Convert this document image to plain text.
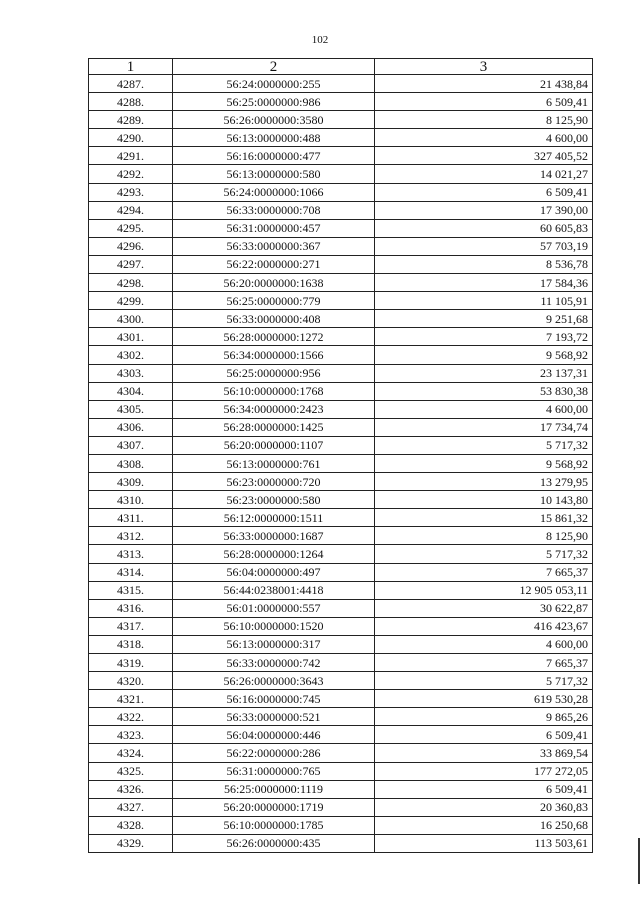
102
1	2	3
4287.	56:24:0000000:255	21 438,84
4288.	56:25:0000000:986	6 509,41
4289.	56:26:0000000:3580	8 125,90
4290.	56:13:0000000:488	4 600,00
4291.	56:16:0000000:477	327 405,52
4292.	56:13:0000000:580	14 021,27
4293.	56:24:0000000:1066	6 509,41
4294.	56:33:0000000:708	17 390,00
4295.	56:31:0000000:457	60 605,83
4296.	56:33:0000000:367	57 703,19
4297.	56:22:0000000:271	8 536,78
4298.	56:20:0000000:1638	17 584,36
4299.	56:25:0000000:779	11 105,91
4300.	56:33:0000000:408	9 251,68
4301.	56:28:0000000:1272	7 193,72
4302.	56:34:0000000:1566	9 568,92
4303.	56:25:0000000:956	23 137,31
4304.	56:10:0000000:1768	53 830,38
4305.	56:34:0000000:2423	4 600,00
4306.	56:28:0000000:1425	17 734,74
4307.	56:20:0000000:1107	5 717,32
4308.	56:13:0000000:761	9 568,92
4309.	56:23:0000000:720	13 279,95
4310.	56:23:0000000:580	10 143,80
4311.	56:12:0000000:1511	15 861,32
4312.	56:33:0000000:1687	8 125,90
4313.	56:28:0000000:1264	5 717,32
4314.	56:04:0000000:497	7 665,37
4315.	56:44:0238001:4418	12 905 053,11
4316.	56:01:0000000:557	30 622,87
4317.	56:10:0000000:1520	416 423,67
4318.	56:13:0000000:317	4 600,00
4319.	56:33:0000000:742	7 665,37
4320.	56:26:0000000:3643	5 717,32
4321.	56:16:0000000:745	619 530,28
4322.	56:33:0000000:521	9 865,26
4323.	56:04:0000000:446	6 509,41
4324.	56:22:0000000:286	33 869,54
4325.	56:31:0000000:765	177 272,05
4326.	56:25:0000000:1119	6 509,41
4327.	56:20:0000000:1719	20 360,83
4328.	56:10:0000000:1785	16 250,68
4329.	56:26:0000000:435	113 503,61
